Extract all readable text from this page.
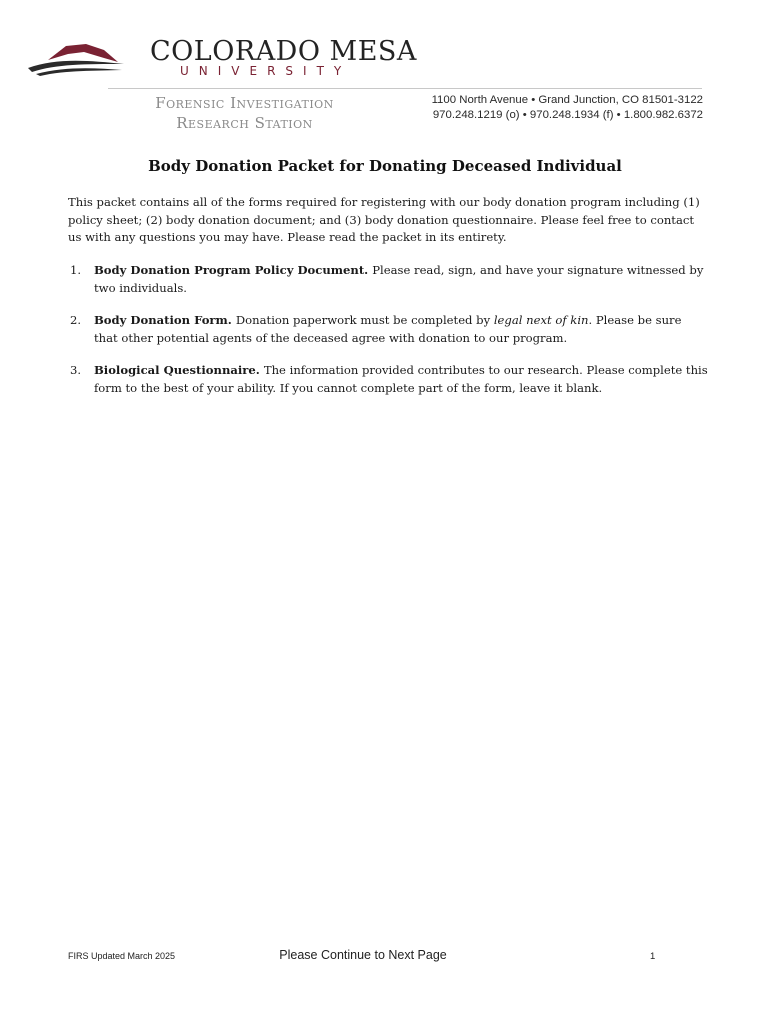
COLORADO MESA
UNIVERSITY
Forensic Investigation
Research Station
1100 North Avenue • Grand Junction, CO 81501-3122
970.248.1219 (o) • 970.248.1934 (f) • 1.800.982.6372
Body Donation Packet for Donating Deceased Individual
This packet contains all of the forms required for registering with our body donation program including (1) policy sheet; (2) body donation document; and (3) body donation questionnaire. Please feel free to contact us with any questions you may have. Please read the packet in its entirety.
1. Body Donation Program Policy Document. Please read, sign, and have your signature witnessed by two individuals.
2. Body Donation Form. Donation paperwork must be completed by legal next of kin. Please be sure that other potential agents of the deceased agree with donation to our program.
3. Biological Questionnaire. The information provided contributes to our research. Please complete this form to the best of your ability. If you cannot complete part of the form, leave it blank.
FIRS Updated March 2025	Please Continue to Next Page	1
